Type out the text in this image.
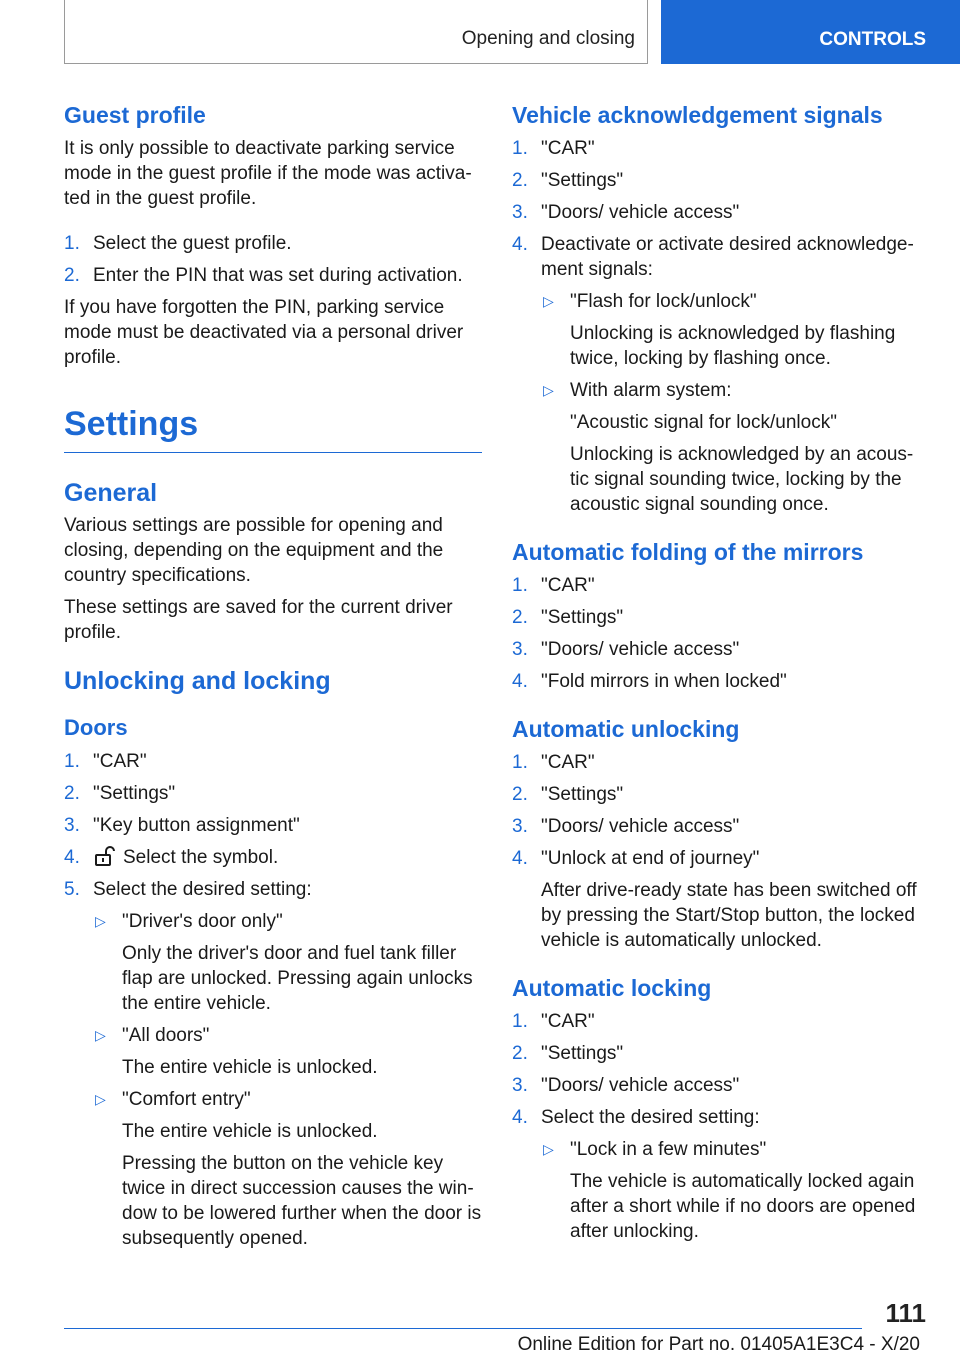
Opening and closing	CONTROLS
Guest profile

It is only possible to deactivate parking service mode in the guest profile if the mode was activa-ted in the guest profile.

1. Select the guest profile.
2. Enter the PIN that was set during activation.

If you have forgotten the PIN, parking service mode must be deactivated via a personal driver profile.

Settings
General

Various settings are possible for opening and closing, depending on the equipment and the country specifications.

These settings are saved for the current driver profile.

Unlocking and locking
Doors
1. "CAR"
2. "Settings"
3. "Key button assignment"
4. Select the symbol.
5. Select the desired setting:
▷ "Driver's door only"

Only the driver's door and fuel tank filler flap are unlocked. Pressing again unlocks the entire vehicle.

▷ "All doors"

The entire vehicle is unlocked.

▷ "Comfort entry"

The entire vehicle is unlocked.

Pressing the button on the vehicle key twice in direct succession causes the win-dow to be lowered further when the door is subsequently opened.

Vehicle acknowledgement signals
1. "CAR"
2. "Settings"
3. "Doors/ vehicle access"
4. Deactivate or activate desired acknowledge-ment signals:
▷ "Flash for lock/unlock"

Unlocking is acknowledged by flashing twice, locking by flashing once.

▷ With alarm system:

"Acoustic signal for lock/unlock"

Unlocking is acknowledged by an acous-tic signal sounding twice, locking by the acoustic signal sounding once.

Automatic folding of the mirrors
1. "CAR"
2. "Settings"
3. "Doors/ vehicle access"
4. "Fold mirrors in when locked"
Automatic unlocking
1. "CAR"
2. "Settings"
3. "Doors/ vehicle access"
4. "Unlock at end of journey"

After drive-ready state has been switched off by pressing the Start/Stop button, the locked vehicle is automatically unlocked.

Automatic locking
1. "CAR"
2. "Settings"
3. "Doors/ vehicle access"
4. Select the desired setting:
▷ "Lock in a few minutes"

The vehicle is automatically locked again after a short while if no doors are opened after unlocking.

111
Online Edition for Part no. 01405A1E3C4 - X/20
